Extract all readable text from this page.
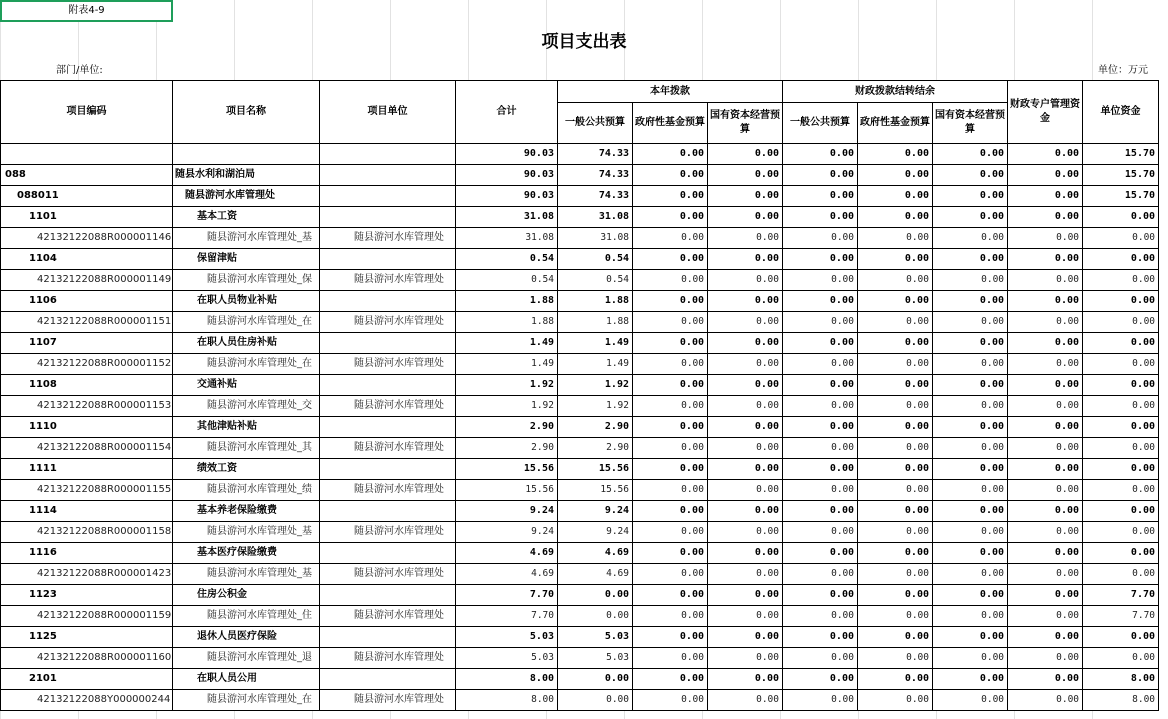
附表4-9
项目支出表
部门/单位:	单位：万元
项目编码	项目名称	项目单位	合计	本年拨款			财政拨款结转结余			财政专户管理资金	单位资金
				一般公共预算	政府性基金预算	国有资本经营预算	一般公共预算	政府性基金预算	国有资本经营预算		
			90.03	74.33	0.00	0.00	0.00	0.00	0.00	0.00	15.70
088	随县水利和湖泊局		90.03	74.33	0.00	0.00	0.00	0.00	0.00	0.00	15.70
088011	随县游河水库管理处		90.03	74.33	0.00	0.00	0.00	0.00	0.00	0.00	15.70
1101	基本工资		31.08	31.08	0.00	0.00	0.00	0.00	0.00	0.00	0.00
42132122088R000001146	随县游河水库管理处_基	随县游河水库管理处	31.08	31.08	0.00	0.00	0.00	0.00	0.00	0.00	0.00
1104	保留津贴		0.54	0.54	0.00	0.00	0.00	0.00	0.00	0.00	0.00
42132122088R000001149	随县游河水库管理处_保	随县游河水库管理处	0.54	0.54	0.00	0.00	0.00	0.00	0.00	0.00	0.00
1106	在职人员物业补贴		1.88	1.88	0.00	0.00	0.00	0.00	0.00	0.00	0.00
42132122088R000001151	随县游河水库管理处_在	随县游河水库管理处	1.88	1.88	0.00	0.00	0.00	0.00	0.00	0.00	0.00
1107	在职人员住房补贴		1.49	1.49	0.00	0.00	0.00	0.00	0.00	0.00	0.00
42132122088R000001152	随县游河水库管理处_在	随县游河水库管理处	1.49	1.49	0.00	0.00	0.00	0.00	0.00	0.00	0.00
1108	交通补贴		1.92	1.92	0.00	0.00	0.00	0.00	0.00	0.00	0.00
42132122088R000001153	随县游河水库管理处_交	随县游河水库管理处	1.92	1.92	0.00	0.00	0.00	0.00	0.00	0.00	0.00
1110	其他津贴补贴		2.90	2.90	0.00	0.00	0.00	0.00	0.00	0.00	0.00
42132122088R000001154	随县游河水库管理处_其	随县游河水库管理处	2.90	2.90	0.00	0.00	0.00	0.00	0.00	0.00	0.00
1111	绩效工资		15.56	15.56	0.00	0.00	0.00	0.00	0.00	0.00	0.00
42132122088R000001155	随县游河水库管理处_绩	随县游河水库管理处	15.56	15.56	0.00	0.00	0.00	0.00	0.00	0.00	0.00
1114	基本养老保险缴费		9.24	9.24	0.00	0.00	0.00	0.00	0.00	0.00	0.00
42132122088R000001158	随县游河水库管理处_基	随县游河水库管理处	9.24	9.24	0.00	0.00	0.00	0.00	0.00	0.00	0.00
1116	基本医疗保险缴费		4.69	4.69	0.00	0.00	0.00	0.00	0.00	0.00	0.00
42132122088R000001423	随县游河水库管理处_基	随县游河水库管理处	4.69	4.69	0.00	0.00	0.00	0.00	0.00	0.00	0.00
1123	住房公积金		7.70	0.00	0.00	0.00	0.00	0.00	0.00	0.00	7.70
42132122088R000001159	随县游河水库管理处_住	随县游河水库管理处	7.70	0.00	0.00	0.00	0.00	0.00	0.00	0.00	7.70
1125	退休人员医疗保险		5.03	5.03	0.00	0.00	0.00	0.00	0.00	0.00	0.00
42132122088R000001160	随县游河水库管理处_退	随县游河水库管理处	5.03	5.03	0.00	0.00	0.00	0.00	0.00	0.00	0.00
2101	在职人员公用		8.00	0.00	0.00	0.00	0.00	0.00	0.00	0.00	8.00
42132122088Y000000244	随县游河水库管理处_在	随县游河水库管理处	8.00	0.00	0.00	0.00	0.00	0.00	0.00	0.00	8.00
